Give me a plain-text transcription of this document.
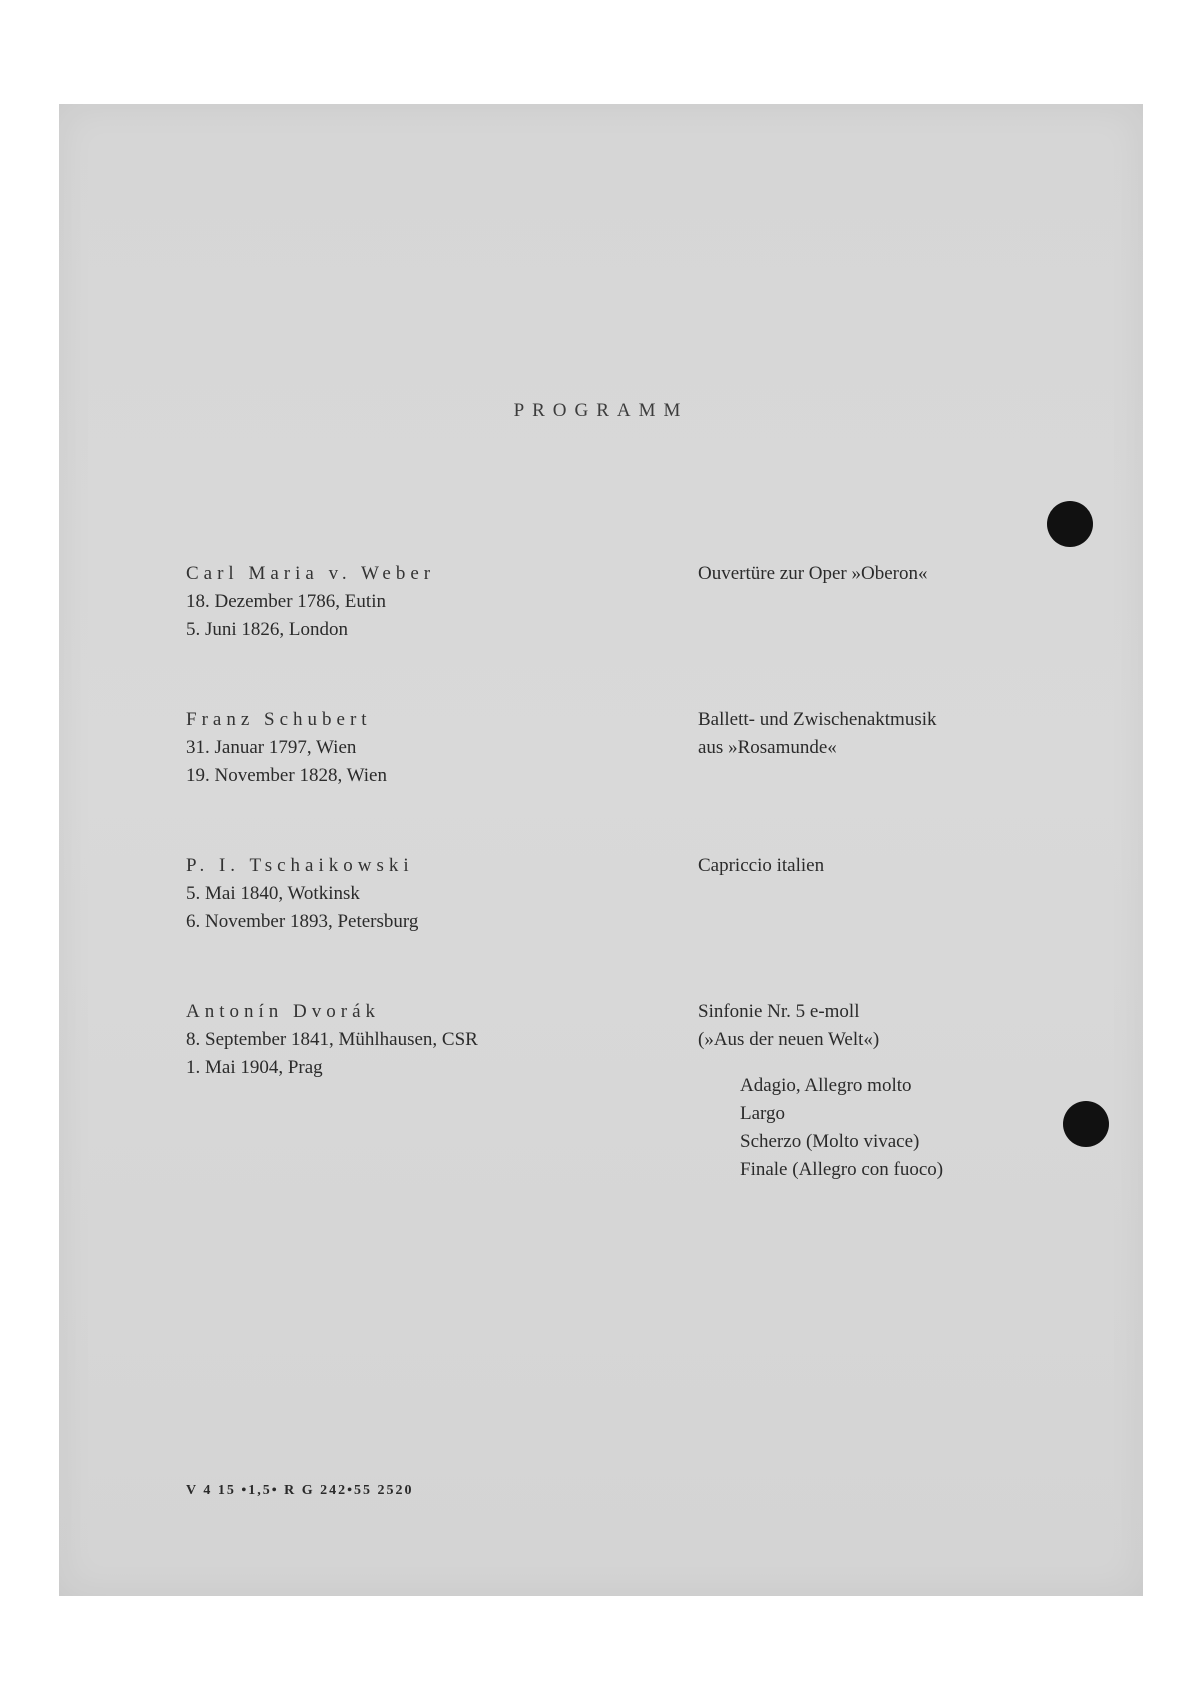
PROGRAMM
Carl Maria v. Weber
18. Dezember 1786, Eutin
5. Juni 1826, London
Ouvertüre zur Oper »Oberon«
Franz Schubert
31. Januar 1797, Wien
19. November 1828, Wien
Ballett- und Zwischenaktmusik
aus »Rosamunde«
P. I. Tschaikowski
5. Mai 1840, Wotkinsk
6. November 1893, Petersburg
Capriccio italien
Antonín Dvorák
8. September 1841, Mühlhausen, CSR
1. Mai 1904, Prag
Sinfonie Nr. 5 e-moll
(»Aus der neuen Welt«)
Adagio, Allegro molto
Largo
Scherzo (Molto vivace)
Finale (Allegro con fuoco)
V 4 15 •1,5• R G 242•55 2520
